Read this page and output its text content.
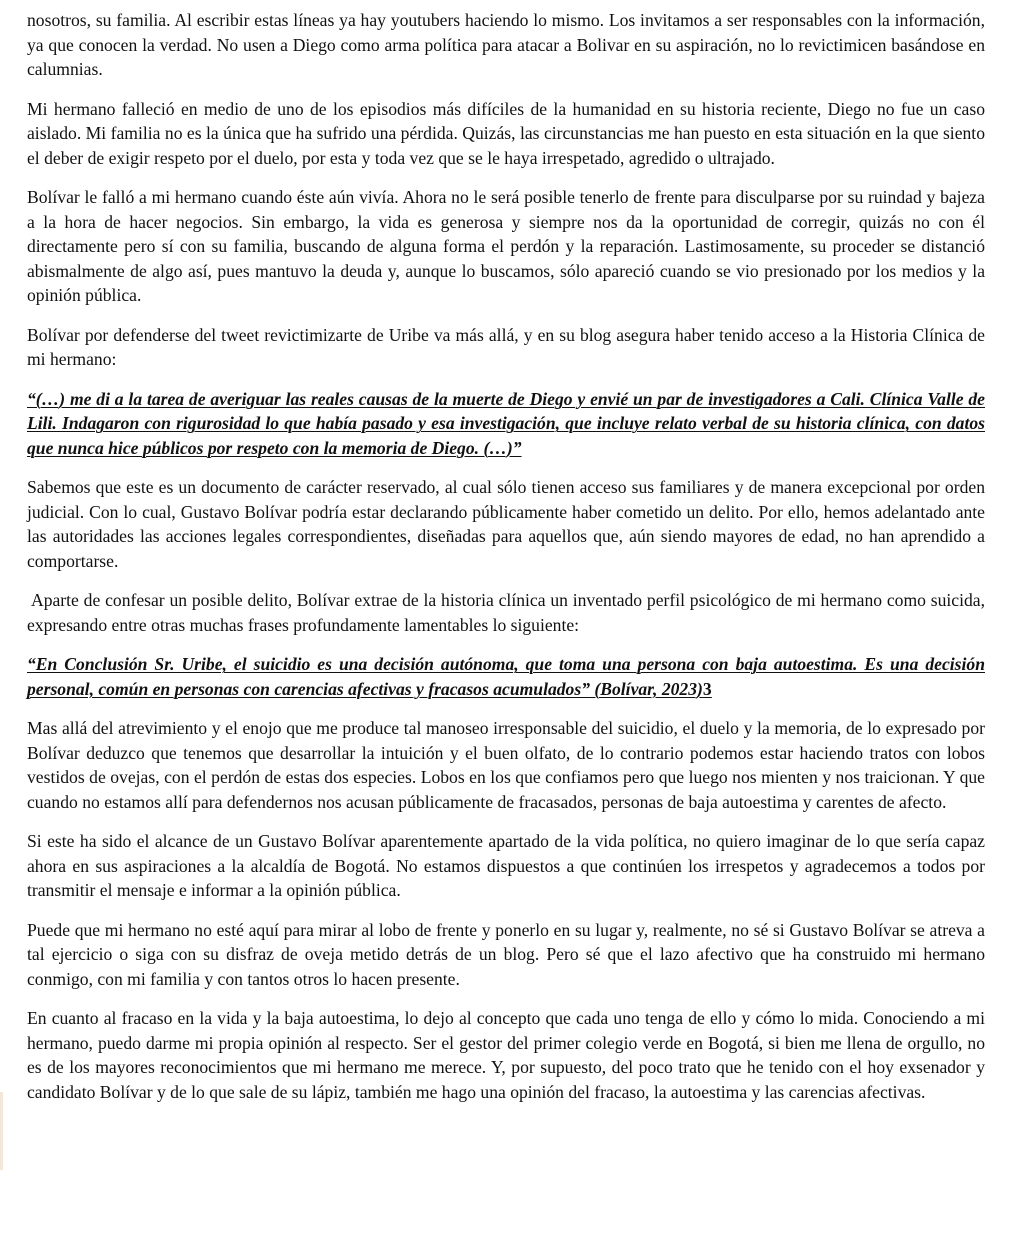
nosotros, su familia. Al escribir estas líneas ya hay youtubers haciendo lo mismo. Los invitamos a ser responsables con la información, ya que conocen la verdad. No usen a Diego como arma política para atacar a Bolivar en su aspiración, no lo revictimicen basándose en calumnias.

Mi hermano falleció en medio de uno de los episodios más difíciles de la humanidad en su historia reciente, Diego no fue un caso aislado. Mi familia no es la única que ha sufrido una pérdida. Quizás, las circunstancias me han puesto en esta situación en la que siento el deber de exigir respeto por el duelo, por esta y toda vez que se le haya irrespetado, agredido o ultrajado.

Bolívar le falló a mi hermano cuando éste aún vivía. Ahora no le será posible tenerlo de frente para disculparse por su ruindad y bajeza a la hora de hacer negocios. Sin embargo, la vida es generosa y siempre nos da la oportunidad de corregir, quizás no con él directamente pero sí con su familia, buscando de alguna forma el perdón y la reparación. Lastimosamente, su proceder se distanció abismalmente de algo así, pues mantuvo la deuda y, aunque lo buscamos, sólo apareció cuando se vio presionado por los medios y la opinión pública.

Bolívar por defenderse del tweet revictimizarte de Uribe va más allá, y en su blog asegura haber tenido acceso a la Historia Clínica de mi hermano:

“(…) me di a la tarea de averiguar las reales causas de la muerte de Diego y envié un par de investigadores a Cali. Clínica Valle de Lili. Indagaron con rigurosidad lo que había pasado y esa investigación, que incluye relato verbal de su historia clínica, con datos que nunca hice públicos por respeto con la memoria de Diego. (…)”

Sabemos que este es un documento de carácter reservado, al cual sólo tienen acceso sus familiares y de manera excepcional por orden judicial. Con lo cual, Gustavo Bolívar podría estar declarando públicamente haber cometido un delito. Por ello, hemos adelantado ante las autoridades las acciones legales correspondientes, diseñadas para aquellos que, aún siendo mayores de edad, no han aprendido a comportarse.

Aparte de confesar un posible delito, Bolívar extrae de la historia clínica un inventado perfil psicológico de mi hermano como suicida, expresando entre otras muchas frases profundamente lamentables lo siguiente:

“En Conclusión Sr. Uribe, el suicidio es una decisión autónoma, que toma una persona con baja autoestima. Es una decisión personal, común en personas con carencias afectivas y fracasos acumulados” (Bolívar, 2023)3

Mas allá del atrevimiento y el enojo que me produce tal manoseo irresponsable del suicidio, el duelo y la memoria, de lo expresado por Bolívar deduzco que tenemos que desarrollar la intuición y el buen olfato, de lo contrario podemos estar haciendo tratos con lobos vestidos de ovejas, con el perdón de estas dos especies. Lobos en los que confiamos pero que luego nos mienten y nos traicionan. Y que cuando no estamos allí para defendernos nos acusan públicamente de fracasados, personas de baja autoestima y carentes de afecto.

Si este ha sido el alcance de un Gustavo Bolívar aparentemente apartado de la vida política, no quiero imaginar de lo que sería capaz ahora en sus aspiraciones a la alcaldía de Bogotá. No estamos dispuestos a que continúen los irrespetos y agradecemos a todos por transmitir el mensaje e informar a la opinión pública.

Puede que mi hermano no esté aquí para mirar al lobo de frente y ponerlo en su lugar y, realmente, no sé si Gustavo Bolívar se atreva a tal ejercicio o siga con su disfraz de oveja metido detrás de un blog. Pero sé que el lazo afectivo que ha construido mi hermano conmigo, con mi familia y con tantos otros lo hacen presente.

En cuanto al fracaso en la vida y la baja autoestima, lo dejo al concepto que cada uno tenga de ello y cómo lo mida. Conociendo a mi hermano, puedo darme mi propia opinión al respecto. Ser el gestor del primer colegio verde en Bogotá, si bien me llena de orgullo, no es de los mayores reconocimientos que mi hermano me merece. Y, por supuesto, del poco trato que he tenido con el hoy exsenador y candidato Bolívar y de lo que sale de su lápiz, también me hago una opinión del fracaso, la autoestima y las carencias afectivas.
